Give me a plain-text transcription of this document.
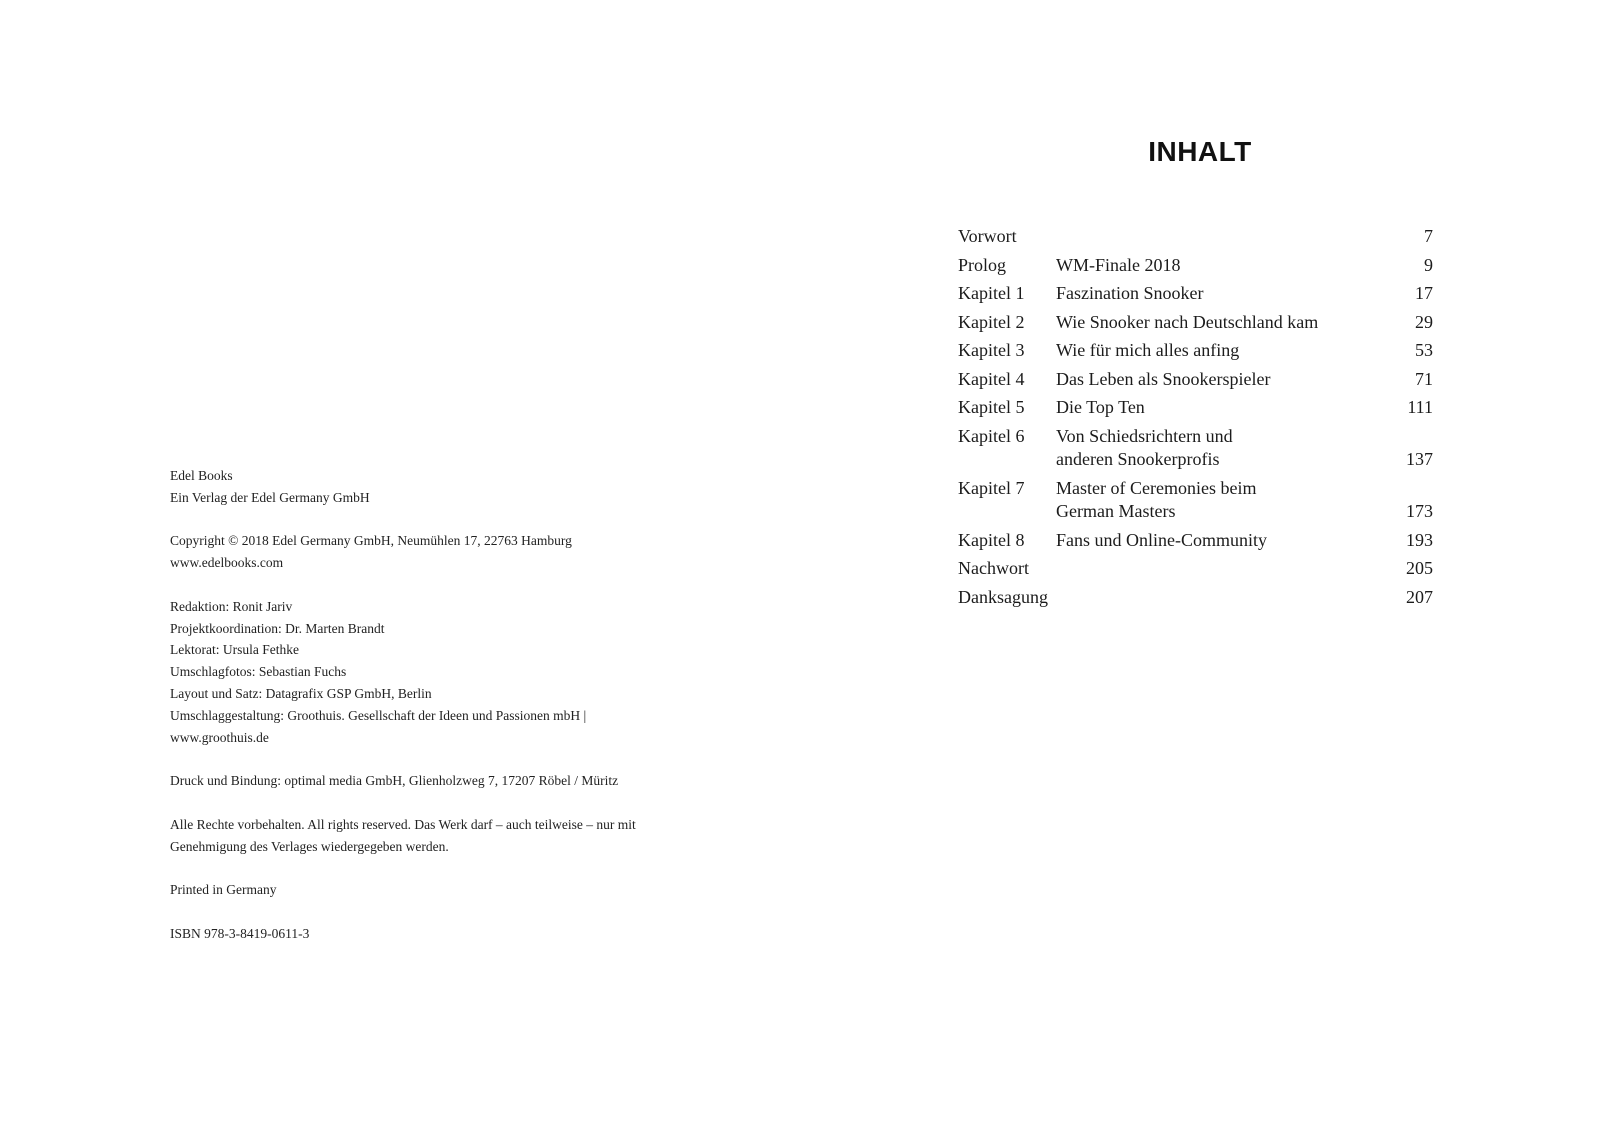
Edel Books
Ein Verlag der Edel Germany GmbH
Copyright © 2018 Edel Germany GmbH, Neumühlen 17, 22763 Hamburg
www.edelbooks.com
Redaktion: Ronit Jariv
Projektkoordination: Dr. Marten Brandt
Lektorat: Ursula Fethke
Umschlagfotos: Sebastian Fuchs
Layout und Satz: Datagrafix GSP GmbH, Berlin
Umschlaggestaltung: Groothuis. Gesellschaft der Ideen und Passionen mbH | www.groothuis.de
Druck und Bindung: optimal media GmbH, Glienholzweg 7, 17207 Röbel / Müritz
Alle Rechte vorbehalten. All rights reserved. Das Werk darf – auch teilweise – nur mit Genehmigung des Verlages wiedergegeben werden.
Printed in Germany
ISBN 978-3-8419-0611-3
INHALT
Vorwort	7
Prolog	WM-Finale 2018	9
Kapitel 1	Faszination Snooker	17
Kapitel 2	Wie Snooker nach Deutschland kam	29
Kapitel 3	Wie für mich alles anfing	53
Kapitel 4	Das Leben als Snookerspieler	71
Kapitel 5	Die Top Ten	111
Kapitel 6	Von Schiedsrichtern und
anderen Snookerprofis	137
Kapitel 7	Master of Ceremonies beim
German Masters	173
Kapitel 8	Fans und Online-Community	193
Nachwort	205
Danksagung	207
